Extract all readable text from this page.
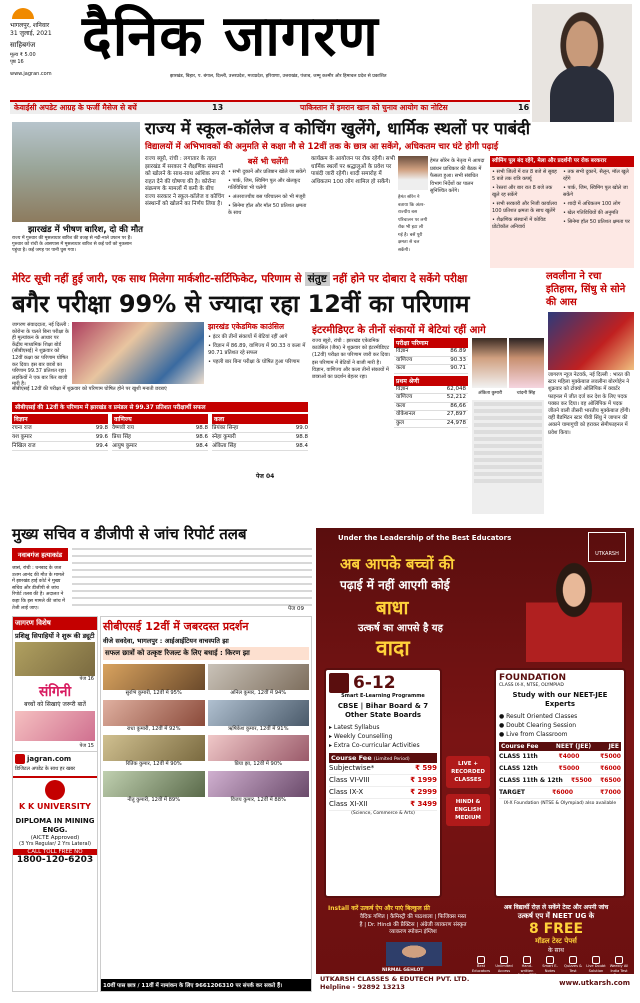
भागलपुर, शनिवार
31 जुलाई, 2021
साहिबगंज
मूल्य ₹ 5.00
पृष्ठ 16
www.jagran.com
दैनिक जागरण
झारखंड, बिहार, प. बंगाल, दिल्ली, उत्तरप्रदेश, मध्यप्रदेश, हरियाणा, उत्तराखंड, पंजाब, जम्मू कश्मीर और हिमाचल प्रदेश से प्रकाशित
केवाईसी अपडेट आग्रह के फर्जी मैसेज से बचें	13	पाकिस्तान में इमरान खान को चुनाव आयोग का नोटिस	16
झारखंड में भीषण बारिश, दो की मौत
राज्य में गुरुवार की मूसलाधार बारिश की वजह से नदी-नाले उफान पर हैं। गुरुवार को रांची के आसपास में मूसलाधार बारिश से कई घरों को नुकसान पहुंचा है। कई जगह पर पानी घुस गया।
राज्य में स्कूल-कॉलेज व कोचिंग खुलेंगे, धार्मिक स्थलों पर पाबंदी
विद्यालयों में अभिभावकों की अनुमति से कक्षा नौ से 12वीं तक के छात्र आ सकेंगे, अधिकतम चार घंटे होगी पढ़ाई
राज्य ब्यूरो, रांची : लगातार के तहत झारखंड में सरकार ने शैक्षणिक संस्थानों को खोलने के साथ-साथ आंशिक रूप से राहत देने की घोषणा की है। कोरोना संक्रमण के मामलों में कमी के बीच राज्य सरकार ने स्कूल-कॉलेज व कोचिंग संस्थानों को खोलने का निर्णय लिया है।
बसें भी चलेंगी
• सभी दुकानें और प्रतिष्ठान खोले जा सकेंगे
• पार्क, जिम, स्विमिंग पूल और खेलकूद गतिविधियां भी चलेंगी
• अंतरराज्यीय बस परिचालन को भी मंजूरी
• सिनेमा हॉल और मॉल 50 प्रतिशत क्षमता के साथ
कार्यक्रम के आयोजन पर रोक रहेगी। सभी धार्मिक स्थलों पर श्रद्धालुओं के प्रवेश पर पाबंदी जारी रहेगी। शादी समारोह में अधिकतम 100 लोग शामिल हो सकेंगे।
हेमंत सोरेन के नेतृत्व में आपदा प्रबंधन प्राधिकार की बैठक में फैसला हुआ। सभी संबंधित विभाग निर्देशों का पालन सुनिश्चित करेंगे।
हेमंत सोरेन ने बताया कि अंतर-राज्यीय बस परिचालन पर लगी रोक भी हटा ली गई है। बसें पूरी क्षमता से चल सकेंगी।
स्वीमिंग पूल बंद रहेंगे, मेला और प्रदर्शनी पर रोक बरकरार
• सभी जिलों में रात 8 बजे से सुबह 5 बजे तक रात्रि कर्फ्यू
• रेस्तरां और बार रात 8 बजे तक खुले रह सकेंगे
• सभी सरकारी और निजी कार्यालय 100 प्रतिशत क्षमता के साथ खुलेंगे
• शैक्षणिक संस्थानों में कोविड प्रोटोकॉल अनिवार्य
• तक सभी दुकानें, सैलून, मॉल खुले रहेंगे
• पार्क, जिम, स्विमिंग पूल खोले जा सकेंगे
• शादी में अधिकतम 100 लोग
• खेल गतिविधियों की अनुमति
• सिनेमा हॉल 50 प्रतिशत क्षमता पर
मेरिट सूची नहीं हुई जारी, एक साथ मिलेगा मार्कशीट-सर्टिफिकेट, परिणाम से संतुष्ट नहीं होने पर दोबारा दे सकेंगे परीक्षा
बगैर परीक्षा 99% से ज्यादा रहा 12वीं का परिणाम
लवलीना ने रचा इतिहास, सिंधु से सोने की आस
जागरण न्यूज नेटवर्क, नई दिल्ली : भारत की स्टार महिला मुक्केबाज लवलीना बोरगोहेन ने शुक्रवार को टोक्यो ओलिंपिक में क्वार्टर फाइनल में जीत दर्ज कर देश के लिए पदक पक्का कर दिया। वह ओलिंपिक में पदक जीतने वाली तीसरी भारतीय मुक्केबाज होंगी। वहीं बैडमिंटन स्टार पीवी सिंधु ने जापान की अकाने यामागुची को हराकर सेमीफाइनल में प्रवेश किया।
जागरण संवाददाता, नई दिल्ली : कोरोना के चलते बिना परीक्षा के ही मूल्यांकन के आधार पर केंद्रीय माध्यमिक शिक्षा बोर्ड (सीबीएसई) ने शुक्रवार को 12वीं कक्षा का परिणाम घोषित कर दिया। इस बार छात्रों का परिणाम 99.37 प्रतिशत रहा। लड़कियों ने एक बार फिर बाजी मारी है।
सीबीएसई 12वीं की परीक्षा में शुक्रवार को परिणाम घोषित होने पर खुशी मनाती छात्राएं
झारखंड एकेडमिक काउंसिल
• इंटर की तीनों संकायों में बेटियां रहीं आगे
• विज्ञान में 86.89, वाणिज्य में 90.33 व कला में 90.71 प्रतिशत रहे सफल
• पहली बार बिना परीक्षा के घोषित हुआ परिणाम
सीबीएसई की 12वीं के परिणाम में झारखंड व प्रमंडल से 99.37 प्रतिशत परीक्षार्थी सफल
विज्ञान
रचना राज	99.8
यश कुमार	99.6
निखिल राज	99.4
वाणिज्य
वैष्णवी राय	98.8
प्रिया सिंह	98.6
आयुष कुमार	98.4
कला
प्रियंका सिन्हा	99.0
स्नेहा कुमारी	98.8
अंकिता सिंह	98.4
पेज 04
इंटरमीडिएट के तीनों संकायों में बेटियां रहीं आगे
राज्य ब्यूरो, रांची : झारखंड एकेडमिक काउंसिल (जैक) ने शुक्रवार को इंटरमीडिएट (12वीं) परीक्षा का परिणाम जारी कर दिया। इस परिणाम में बेटियों ने बाजी मारी है। विज्ञान, वाणिज्य और कला तीनों संकायों में छात्राओं का प्रदर्शन बेहतर रहा।
परीक्षा परिणाम
विज्ञान	86.89
वाणिज्य	90.33
कला	90.71
प्रथम श्रेणी
विज्ञान	62,048
वाणिज्य	52,212
कला	86,66
वोकेशनल	27,897
कुल	24,978
अंकिता कुमारी	चांदनी सिंह
मुख्य सचिव व डीजीपी से जांच रिपोर्ट तलब
नवाबगंज हत्याकांड
जासं, रांची : धनबाद के जज उत्तम आनंद की मौत के मामले में झारखंड हाई कोर्ट ने मुख्य सचिव और डीजीपी से जांच रिपोर्ट तलब की है। अदालत ने कहा कि इस मामले की जांच में तेजी लाई जाए।	पेज 09
जागरण विशेष
प्रशिक्षु सिपाहियों ने शुरू की ड्यूटी
पेज 16
संगिनी
बच्चों को सिखाएं जरूरी बातें
पेज 15
jagran.com
डिजिटल अपडेट के साथ हर खबर
K K UNIVERSITY
DIPLOMA IN MINING ENGG.
(AICTE Approved)
(3 Yrs Regular/ 2 Yrs Lateral)
CALL TOLL FREE NO
1800-120-6203
सीबीएसई 12वीं में जबरदस्त प्रदर्शन
वीजे सवदेवा, भागलपुर : आईआईटियन वाचस्पति झा
सफल छात्रों को उत्कृष्ट रिजल्ट के लिए बधाई : किरण झा
सुरभि कुमारी, 12वीं में 95%	अनिल कुमार, 12वीं में 94%
राधा कुमारी, 12वीं में 92%	ऋषिकेश कुमार, 12वीं में 91%
रितिक कुमार, 12वीं में 90%	प्रिया झा, 12वीं में 90%
नीतू कुमारी, 12वीं में 89%	विजय कुमार, 12वीं में 88%
10वीं पास छात्र / 11वीं में नामांकन के लिए 9661206310 पर संपर्क कर सकते हैं।
Under the Leadership of the Best Educators
UTKARSH
अब आपके बच्चों की
पढ़ाई में नहीं आएगी कोई
बाधा
उत्कर्ष का आपसे है यह
वादा
6-12
Smart E-Learning Programme
CBSE | Bihar Board & 7 Other State Boards
▸ Latest Syllabus
▸ Weekly Counselling
▸ Extra Co-curricular Activities
Course Fee (Limited Period)
Subjectwise*	₹ 599
Class VI-VIII	₹ 1999
Class IX-X	₹ 2999
Class XI-XII	₹ 3499
(Science, Commerce & Arts)
LIVE + RECORDED CLASSES
HINDI & ENGLISH MEDIUM
FOUNDATION
CLASS IX-X, NTSE, OLYMPIAD
Study with our NEET-JEE Experts
● Result Oriented Classes
● Doubt Clearing Session
● Live from Classroom
Course Fee	NEET (JEE)	JEE
CLASS 11th	₹4000	₹5000
CLASS 12th	₹5000	₹6000
CLASS 11th & 12th ₹5500 ₹6500
TARGET	₹6000	₹7000
IX-X Foundation (NTSE & Olympiad) also available
Install करें उत्कर्ष ऐप और पाएं बिल्कुल फ्री
वैदिक गणित | कैमिस्ट्री की पाठशाला | फिजिक्स मस्त है | Dr. Hindi की प्रैक्टिस | अंग्रेजी व्याकरण संस्कृत व्याकरण स्पोकन इंग्लिश
NIRMAL GEHLOT
अब विद्यार्थी रोज़ ले सकेंगे टेस्ट और अपनी जांच
उत्कर्ष एप में NEET UG के
8 FREE
मॉडल टेस्ट पेपर्स
के साथ
Best Educators
Unlimited Access
Hand-written
Smart E-Notes
Quizzes & Test
Live Doubt Solution
Weekly All India Test
UTKARSH CLASSES & EDUTECH PVT. LTD.
Helpline - 92892 13213	www.utkarsh.com
